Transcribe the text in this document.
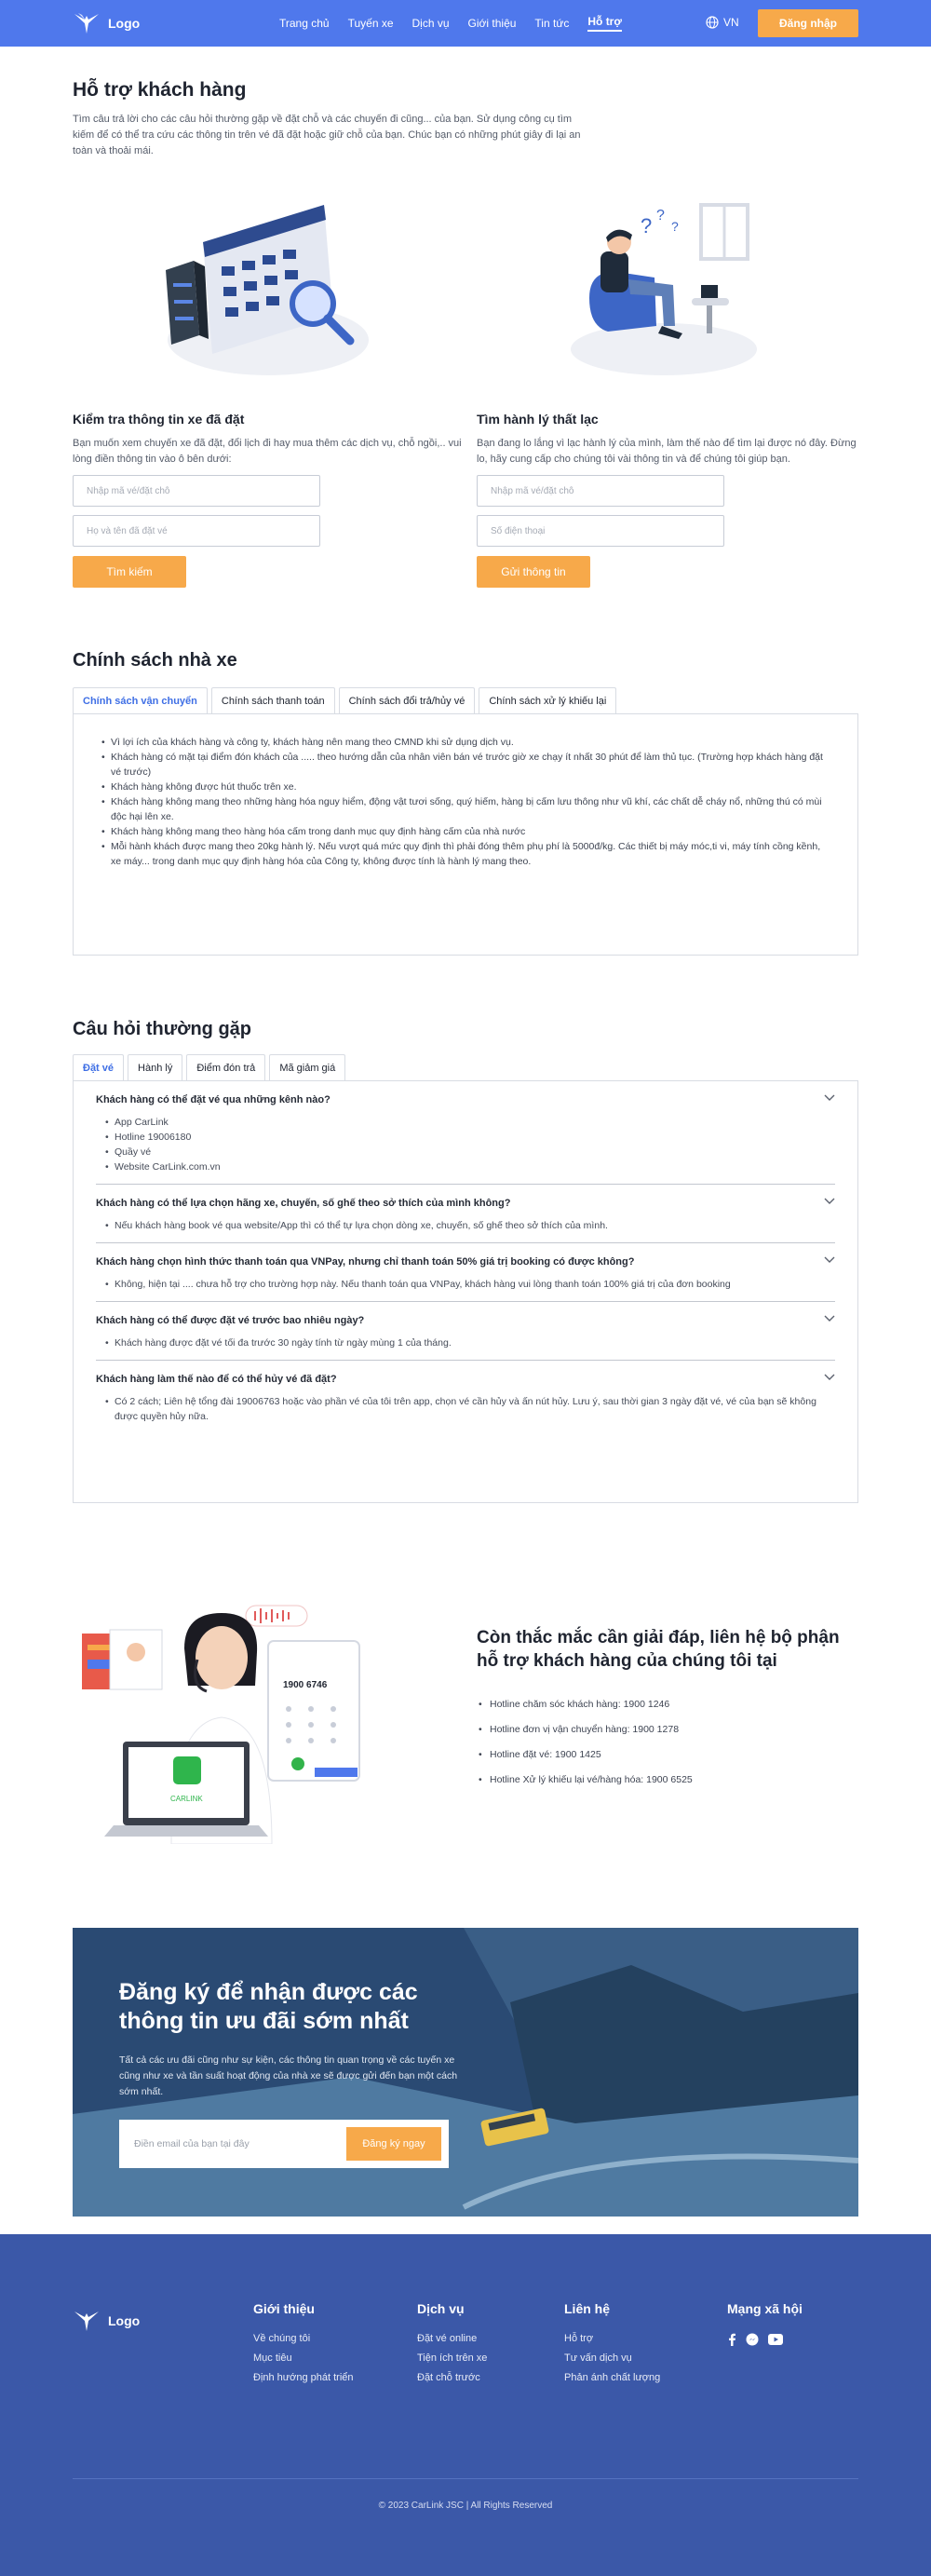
Logo	Trang chủ Tuyến xe Dịch vụ Giới thiệu Tin tức Hỗ trợ	VN	Đăng nhập
Hỗ trợ khách hàng

Tìm câu trả lời cho các câu hỏi thường gặp về đặt chỗ và các chuyến đi cũng... của bạn. Sử dụng công cụ tìm kiếm để có thể tra cứu các thông tin trên vé đã đặt hoặc giữ chỗ của bạn. Chúc bạn có những phút giây đi lại an toàn và thoải mái.

? ?
?
Kiểm tra thông tin xe đã đặt

Bạn muốn xem chuyến xe đã đặt, đổi lịch đi hay mua thêm các dịch vụ, chỗ ngồi,.. vui lòng điền thông tin vào ô bên dưới:

Nhập mã vé/đặt chỗ
Họ và tên đã đặt vé
Tìm kiếm
Tìm hành lý thất lạc

Bạn đang lo lắng vì lạc hành lý của mình, làm thế nào để tìm lại được nó đây. Đừng lo, hãy cung cấp cho chúng tôi vài thông tin và để chúng tôi giúp bạn.

Nhập mã vé/đặt chỗ
Số điện thoại
Gửi thông tin
Chính sách nhà xe
Chính sách vận chuyển	Chính sách thanh toán	Chính sách đổi trả/hủy vé	Chính sách xử lý khiếu lại
• Vì lợi ích của khách hàng và công ty, khách hàng nên mang theo CMND khi sử dụng dịch vụ.
• Khách hàng có mặt tại điểm đón khách của ..... theo hướng dẫn của nhân viên bán vé trước giờ xe chạy ít nhất 30 phút để làm thủ tục. (Trường hợp khách hàng đặt vé trước)
• Khách hàng không được hút thuốc trên xe.
• Khách hàng không mang theo những hàng hóa nguy hiểm, động vật tươi sống, quý hiếm, hàng bị cấm lưu thông như vũ khí, các chất dễ cháy nổ, những thú có mùi độc hại lên xe.
• Khách hàng không mang theo hàng hóa cấm trong danh mục quy định hàng cấm của nhà nước
• Mỗi hành khách được mang theo 20kg hành lý. Nếu vượt quá mức quy định thì phải đóng thêm phụ phí là 5000đ/kg. Các thiết bị máy móc,ti vi, máy tính cồng kềnh, xe máy... trong danh mục quy định hàng hóa của Công ty, không được tính là hành lý mang theo.
Câu hỏi thường gặp
Đặt vé	Hành lý	Điểm đón trả	Mã giảm giá
Khách hàng có thể đặt vé qua những kênh nào?
• App CarLink
• Hotline 19006180
• Quầy vé
• Website CarLink.com.vn
Khách hàng có thể lựa chọn hãng xe, chuyến, số ghế theo sở thích của mình không?
• Nếu khách hàng book vé qua website/App thì có thể tự lựa chọn dòng xe, chuyến, số ghế theo sở thích của mình.
Khách hàng chọn hình thức thanh toán qua VNPay, nhưng chỉ thanh toán 50% giá trị booking có được không?
• Không, hiện tại .... chưa hỗ trợ cho trường hợp này. Nếu thanh toán qua VNPay, khách hàng vui lòng thanh toán 100% giá trị của đơn booking
Khách hàng có thể được đặt vé trước bao nhiêu ngày?
• Khách hàng được đặt vé tối đa trước 30 ngày tính từ ngày mùng 1 của tháng.
Khách hàng làm thế nào để có thể hủy vé đã đặt?
• Có 2 cách; Liên hệ tổng đài 19006763 hoặc vào phần vé của tôi trên app, chọn vé cần hủy và ấn nút hủy. Lưu ý, sau thời gian 3 ngày đặt vé, vé của bạn sẽ không được quyền hủy nữa.
1900 6746
CARLINK
Còn thắc mắc cần giải đáp, liên hệ bộ phận hỗ trợ khách hàng của chúng tôi tại
• Hotline chăm sóc khách hàng: 1900 1246
• Hotline đơn vị vận chuyển hàng: 1900 1278
• Hotline đặt vé: 1900 1425
• Hotline Xử lý khiếu lại vé/hàng hóa: 1900 6525
Đăng ký để nhận được các thông tin ưu đãi sớm nhất

Tất cả các ưu đãi cũng như sự kiện, các thông tin quan trọng về các tuyến xe cũng như xe và tần suất hoạt động của nhà xe sẽ được gửi đến bạn một cách sớm nhất.

Điền email của bạn tại đây
Đăng ký ngay
Logo
Giới thiệu
Về chúng tôi
Mục tiêu
Định hướng phát triển
Dịch vụ
Đặt vé online
Tiện ích trên xe
Đặt chỗ trước
Liên hệ
Hỗ trợ
Tư vấn dịch vụ
Phản ánh chất lượng
Mạng xã hội
© 2023 CarLink JSC | All Rights Reserved
